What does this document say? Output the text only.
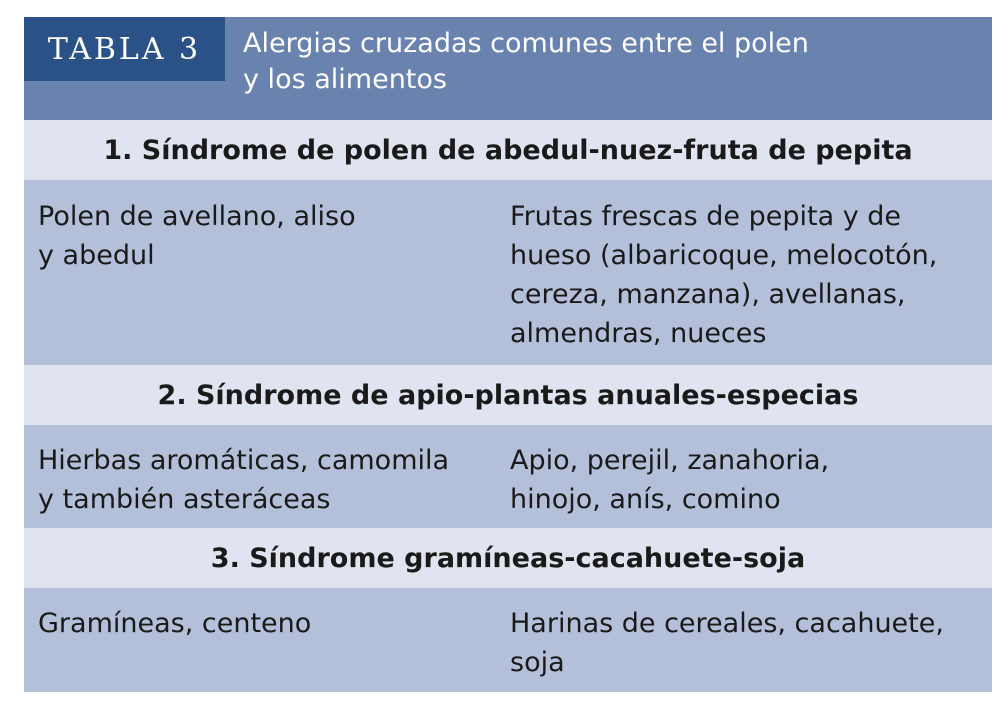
TABLA 3	Alergias cruzadas comunes entre el polen
y los alimentos
1. Síndrome de polen de abedul-nuez-fruta de pepita
Polen de avellano, aliso
y abedul
Frutas frescas de pepita y de
hueso (albaricoque, melocotón,
cereza, manzana), avellanas,
almendras, nueces
2. Síndrome de apio-plantas anuales-especias
Hierbas aromáticas, camomila
y también asteráceas
Apio, perejil, zanahoria,
hinojo, anís, comino
3. Síndrome gramíneas-cacahuete-soja
Gramíneas, centeno	Harinas de cereales, cacahuete,
soja
